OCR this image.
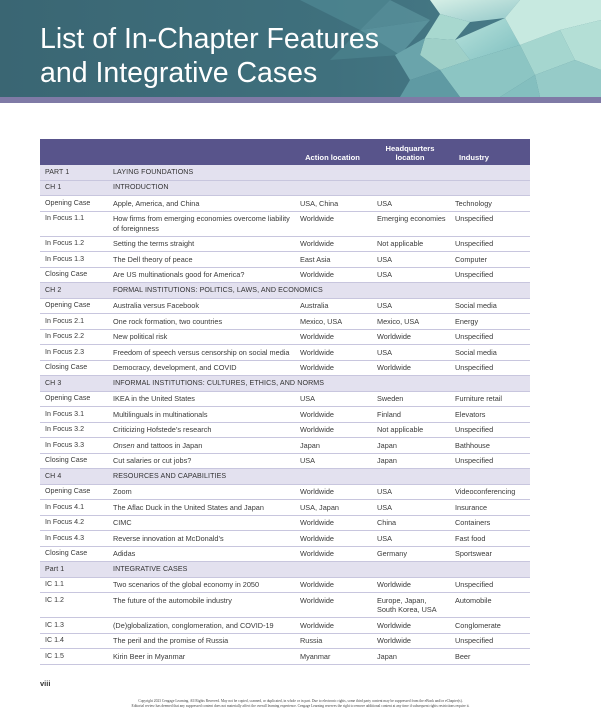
List of In-Chapter Features and Integrative Cases
		Action location	Headquarters location	Industry
PART 1	LAYING FOUNDATIONS			
CH 1	INTRODUCTION			
Opening Case	Apple, America, and China	USA, China	USA	Technology
In Focus 1.1	How firms from emerging economies overcome liability of foreignness	Worldwide	Emerging economies	Unspecified
In Focus 1.2	Setting the terms straight	Worldwide	Not applicable	Unspecified
In Focus 1.3	The Dell theory of peace	East Asia	USA	Computer
Closing Case	Are US multinationals good for America?	Worldwide	USA	Unspecified
CH 2	FORMAL INSTITUTIONS: POLITICS, LAWS, AND ECONOMICS			
Opening Case	Australia versus Facebook	Australia	USA	Social media
In Focus 2.1	One rock formation, two countries	Mexico, USA	Mexico, USA	Energy
In Focus 2.2	New political risk	Worldwide	Worldwide	Unspecified
In Focus 2.3	Freedom of speech versus censorship on social media	Worldwide	USA	Social media
Closing Case	Democracy, development, and COVID	Worldwide	Worldwide	Unspecified
CH 3	INFORMAL INSTITUTIONS: CULTURES, ETHICS, AND NORMS			
Opening Case	IKEA in the United States	USA	Sweden	Furniture retail
In Focus 3.1	Multilinguals in multinationals	Worldwide	Finland	Elevators
In Focus 3.2	Criticizing Hofstede’s research	Worldwide	Not applicable	Unspecified
In Focus 3.3	Onsen and tattoos in Japan	Japan	Japan	Bathhouse
Closing Case	Cut salaries or cut jobs?	USA	Japan	Unspecified
CH 4	RESOURCES AND CAPABILITIES			
Opening Case	Zoom	Worldwide	USA	Videoconferencing
In Focus 4.1	The Aflac Duck in the United States and Japan	USA, Japan	USA	Insurance
In Focus 4.2	CIMC	Worldwide	China	Containers
In Focus 4.3	Reverse innovation at McDonald’s	Worldwide	USA	Fast food
Closing Case	Adidas	Worldwide	Germany	Sportswear
Part 1	INTEGRATIVE CASES			
IC 1.1	Two scenarios of the global economy in 2050	Worldwide	Worldwide	Unspecified
IC 1.2	The future of the automobile industry	Worldwide	Europe, Japan, South Korea, USA	Automobile
IC 1.3	(De)globalization, conglomeration, and COVID-19	Worldwide	Worldwide	Conglomerate
IC 1.4	The peril and the promise of Russia	Russia	Worldwide	Unspecified
IC 1.5	Kirin Beer in Myanmar	Myanmar	Japan	Beer
viii
Copyright 2023 Cengage Learning. All Rights Reserved. May not be copied, scanned, or duplicated, in whole or in part. Due to electronic rights, some third party content may be suppressed from the eBook and/or eChapter(s).
Editorial review has deemed that any suppressed content does not materially affect the overall learning experience. Cengage Learning reserves the right to remove additional content at any time if subsequent rights restrictions require it.
